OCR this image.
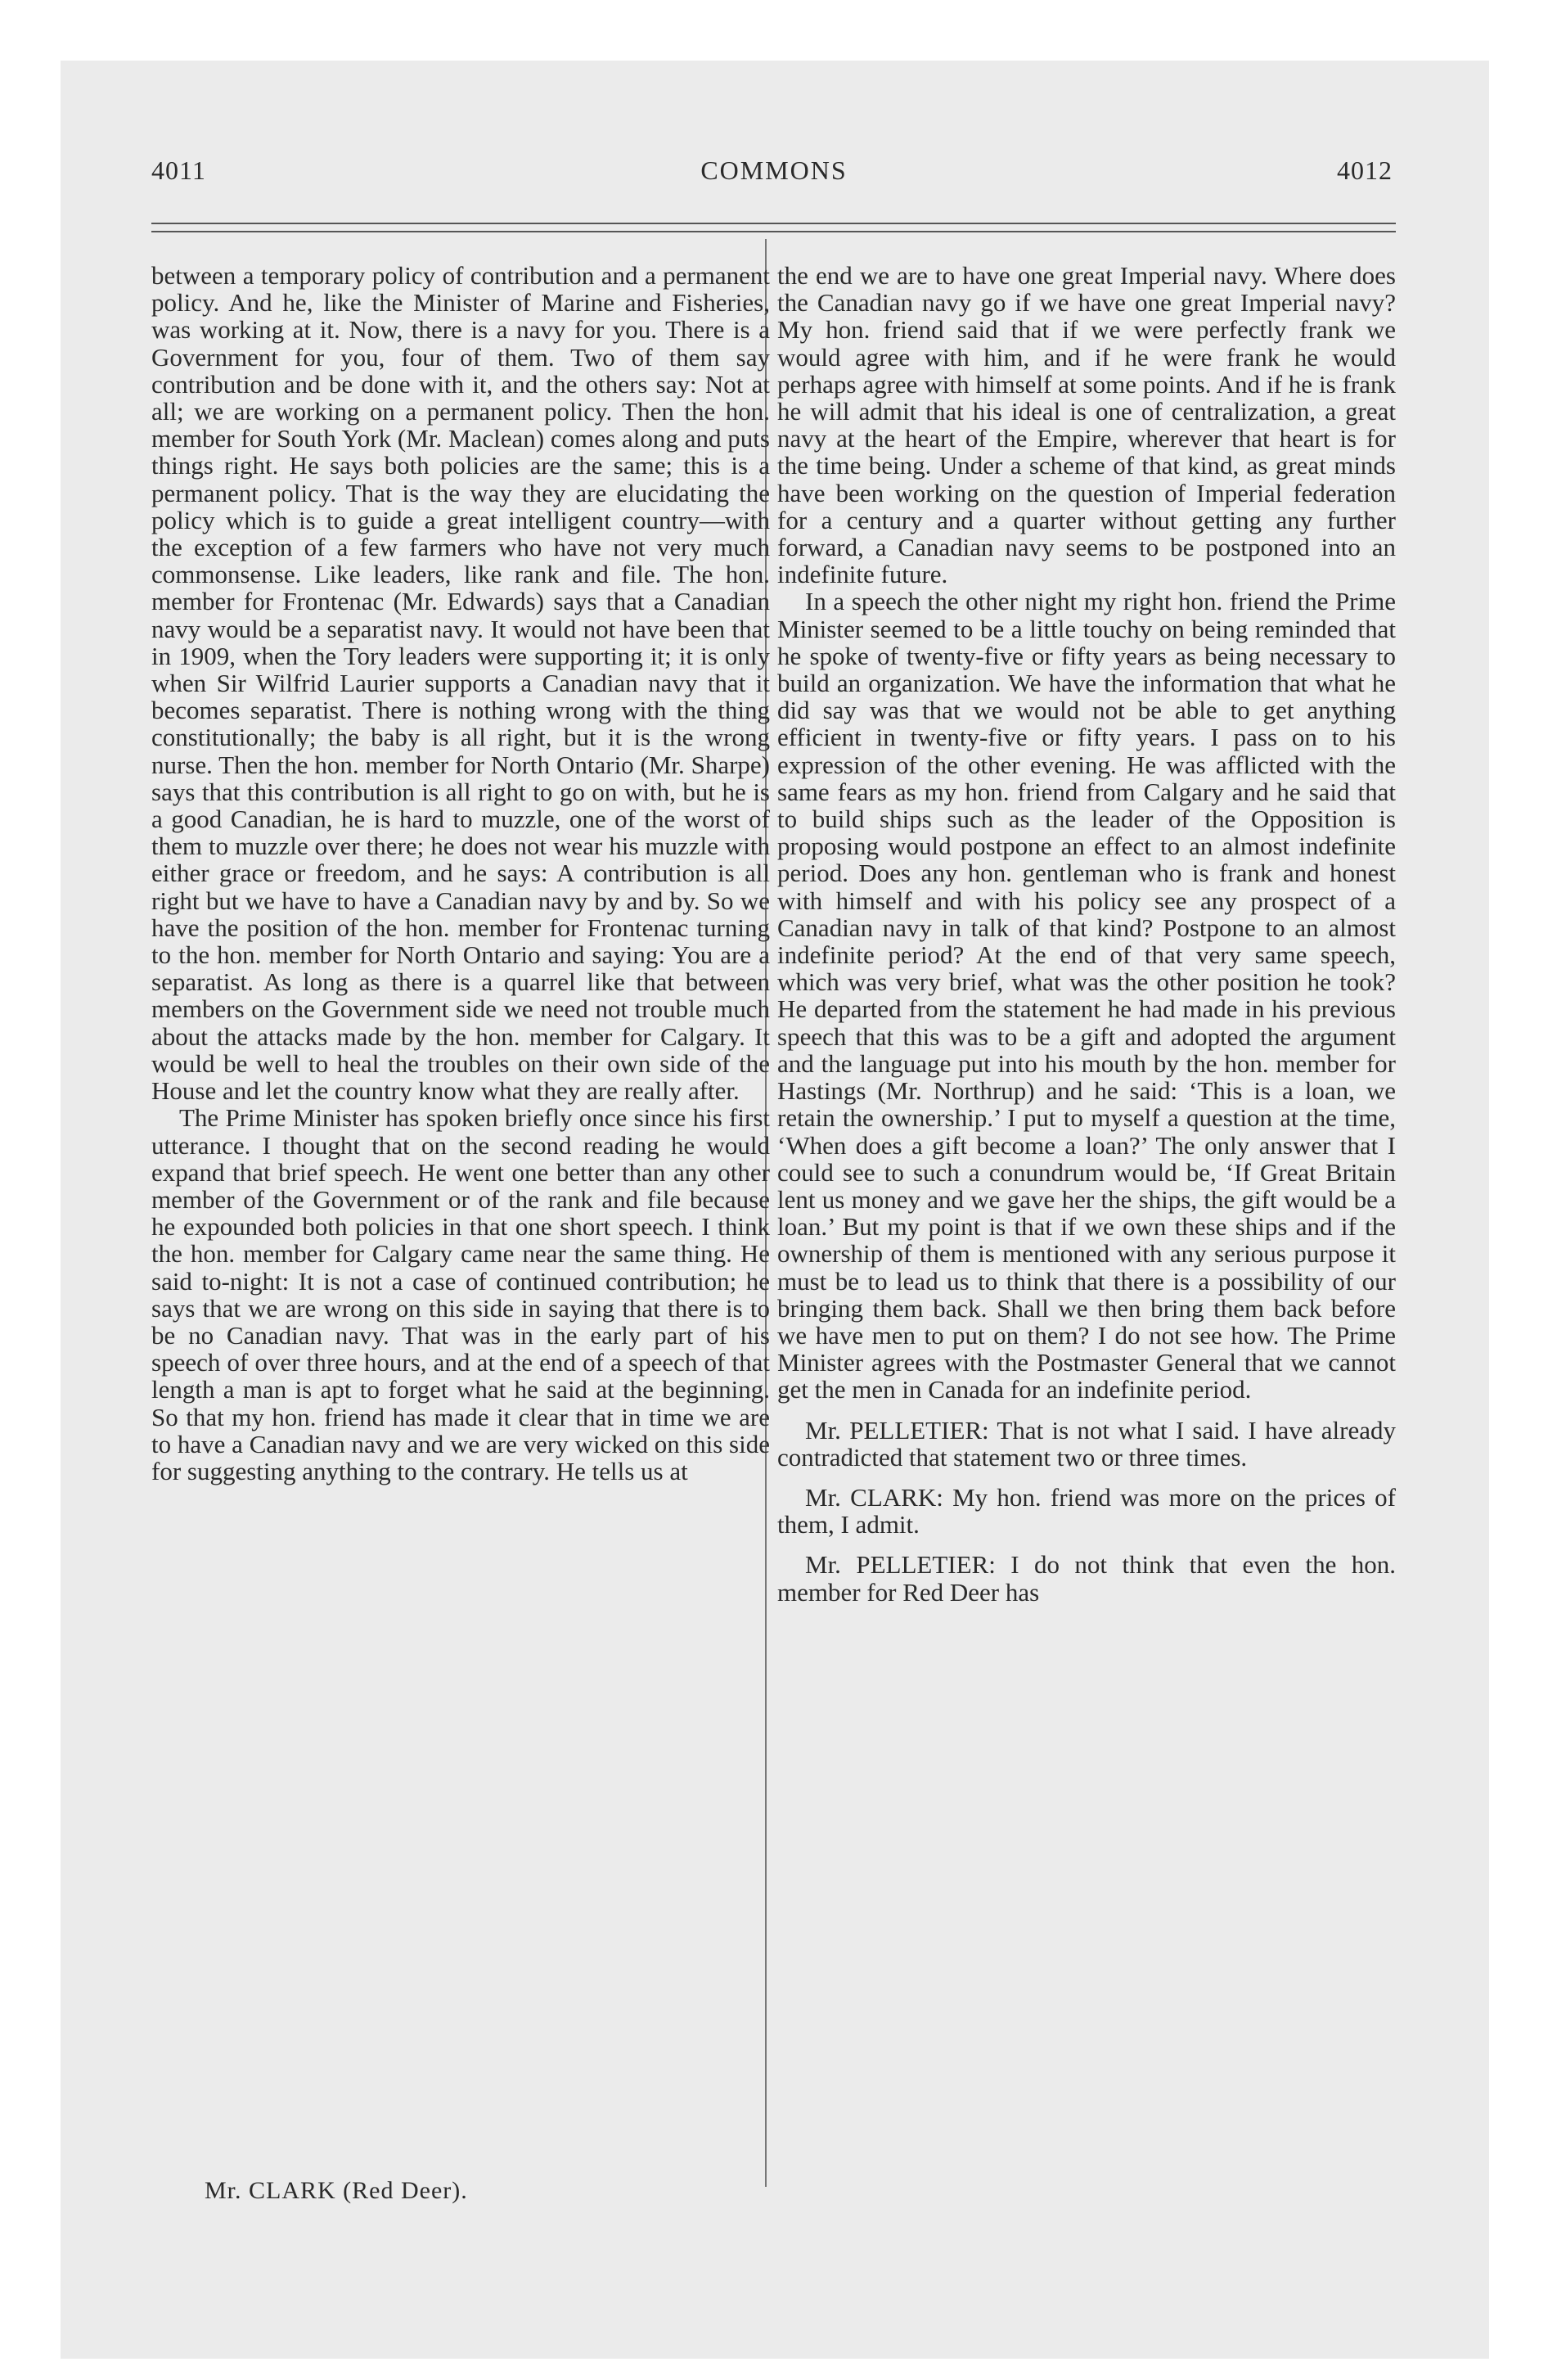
4011	COMMONS	4012

between a temporary policy of contribution and a permanent policy. And he, like the Minister of Marine and Fisheries, was working at it. Now, there is a navy for you. There is a Government for you, four of them. Two of them say contribution and be done with it, and the others say: Not at all; we are working on a permanent policy. Then the hon. member for South York (Mr. Maclean) comes along and puts things right. He says both policies are the same; this is a permanent policy. That is the way they are elucidating the policy which is to guide a great intelligent country—with the exception of a few farmers who have not very much commonsense. Like leaders, like rank and file. The hon. member for Frontenac (Mr. Edwards) says that a Canadian navy would be a separatist navy. It would not have been that in 1909, when the Tory leaders were supporting it; it is only when Sir Wilfrid Laurier supports a Canadian navy that it becomes separatist. There is nothing wrong with the thing constitutionally; the baby is all right, but it is the wrong nurse. Then the hon. member for North Ontario (Mr. Sharpe) says that this contribution is all right to go on with, but he is a good Canadian, he is hard to muzzle, one of the worst of them to muzzle over there; he does not wear his muzzle with either grace or freedom, and he says: A contribution is all right but we have to have a Canadian navy by and by. So we have the position of the hon. member for Frontenac turning to the hon. member for North Ontario and saying: You are a separatist. As long as there is a quarrel like that between members on the Government side we need not trouble much about the attacks made by the hon. member for Calgary. It would be well to heal the troubles on their own side of the House and let the country know what they are really after.

The Prime Minister has spoken briefly once since his first utterance. I thought that on the second reading he would expand that brief speech. He went one better than any other member of the Government or of the rank and file because he expounded both policies in that one short speech. I think the hon. member for Calgary came near the same thing. He said to-night: It is not a case of continued contribution; he says that we are wrong on this side in saying that there is to be no Canadian navy. That was in the early part of his speech of over three hours, and at the end of a speech of that length a man is apt to forget what he said at the beginning. So that my hon. friend has made it clear that in time we are to have a Canadian navy and we are very wicked on this side for suggesting anything to the contrary. He tells us at

the end we are to have one great Imperial navy. Where does the Canadian navy go if we have one great Imperial navy? My hon. friend said that if we were perfectly frank we would agree with him, and if he were frank he would perhaps agree with himself at some points. And if he is frank he will admit that his ideal is one of centralization, a great navy at the heart of the Empire, wherever that heart is for the time being. Under a scheme of that kind, as great minds have been working on the question of Imperial federation for a century and a quarter without getting any further forward, a Canadian navy seems to be postponed into an indefinite future.

In a speech the other night my right hon. friend the Prime Minister seemed to be a little touchy on being reminded that he spoke of twenty-five or fifty years as being necessary to build an organization. We have the information that what he did say was that we would not be able to get anything efficient in twenty-five or fifty years. I pass on to his expression of the other evening. He was afflicted with the same fears as my hon. friend from Calgary and he said that to build ships such as the leader of the Opposition is proposing would postpone an effect to an almost indefinite period. Does any hon. gentleman who is frank and honest with himself and with his policy see any prospect of a Canadian navy in talk of that kind? Postpone to an almost indefinite period? At the end of that very same speech, which was very brief, what was the other position he took? He departed from the statement he had made in his previous speech that this was to be a gift and adopted the argument and the language put into his mouth by the hon. member for Hastings (Mr. Northrup) and he said: ‘This is a loan, we retain the ownership.’ I put to myself a question at the time, ‘When does a gift become a loan?’ The only answer that I could see to such a conundrum would be, ‘If Great Britain lent us money and we gave her the ships, the gift would be a loan.’ But my point is that if we own these ships and if the ownership of them is mentioned with any serious purpose it must be to lead us to think that there is a possibility of our bringing them back. Shall we then bring them back before we have men to put on them? I do not see how. The Prime Minister agrees with the Postmaster General that we cannot get the men in Canada for an indefinite period.

Mr. PELLETIER: That is not what I said. I have already contradicted that statement two or three times.

Mr. CLARK: My hon. friend was more on the prices of them, I admit.

Mr. PELLETIER: I do not think that even the hon. member for Red Deer has

Mr. CLARK (Red Deer).
